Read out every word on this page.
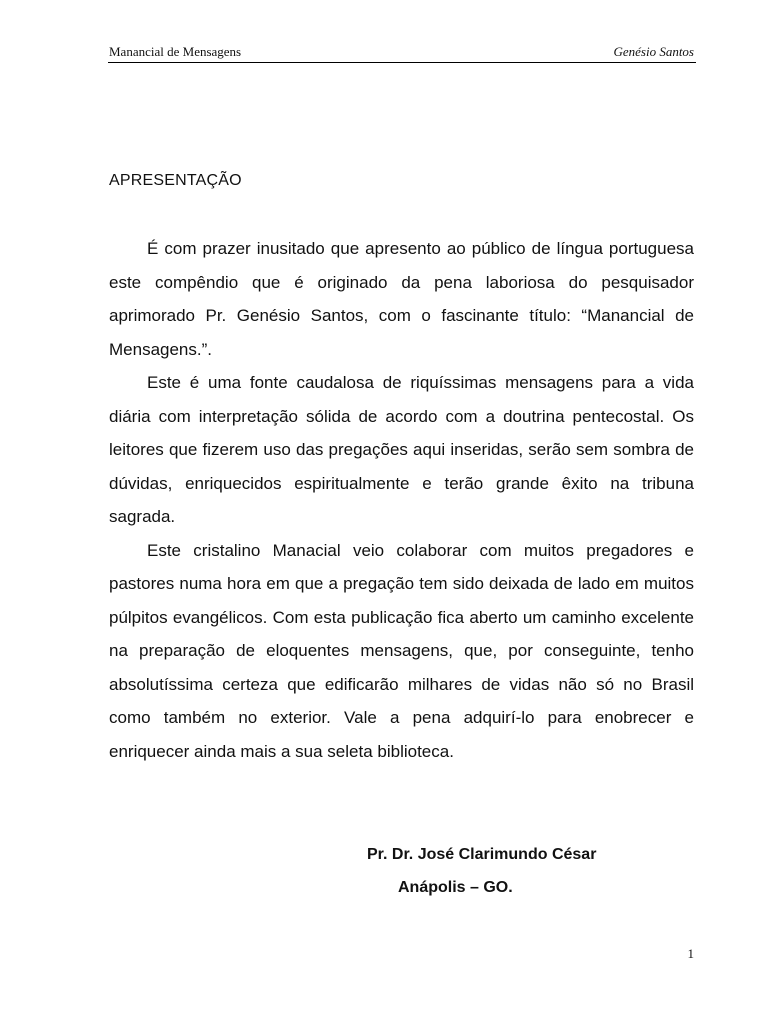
Manancial de Mensagens	Genésio Santos
APRESENTAÇÃO

É com prazer inusitado que apresento ao público de língua portuguesa este compêndio que é originado da pena laboriosa do pesquisador aprimorado Pr. Genésio Santos, com o fascinante título: “Manancial de Mensagens.”.

Este é uma fonte caudalosa de riquíssimas mensagens para a vida diária com interpretação sólida de acordo com a doutrina pentecostal. Os leitores que fizerem uso das pregações aqui inseridas, serão sem sombra de dúvidas, enriquecidos espiritualmente e terão grande êxito na tribuna sagrada.

Este cristalino Manacial veio colaborar com muitos pregadores e pastores numa hora em que a pregação tem sido deixada de lado em muitos púlpitos evangélicos. Com esta publicação fica aberto um caminho excelente na preparação de eloquentes mensagens, que, por conseguinte, tenho absolutíssima certeza que edificarão milhares de vidas não só no Brasil como também no exterior. Vale a pena adquirí-lo para enobrecer e enriquecer ainda mais a sua seleta biblioteca.

Pr. Dr. José Clarimundo César
Anápolis – GO.
1
